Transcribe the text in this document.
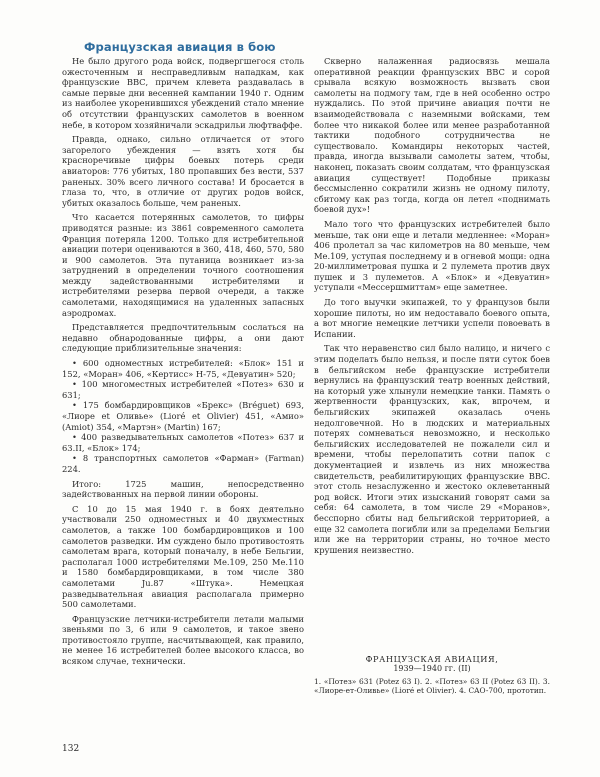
Французская авиация в бою

Не было другого рода войск, подвергшегося столь ожесточенным и несправедливым нападкам, как французские ВВС, причем клевета раздавалась в самые первые дни весенней кампании 1940 г. Одним из наиболее укоренившихся убеждений стало мнение об отсутствии французских самолетов в военном небе, в котором хозяйничали эскадрильи люфтваффе.

Правда, однако, сильно отличается от этого загорелого убеждения — взять хотя бы красноречивые цифры боевых потерь среди авиаторов: 776 убитых, 180 пропавших без вести, 537 раненых. 30% всего личного состава! И бросается в глаза то, что, в отличие от других родов войск, убитых оказалось больше, чем раненых.

Что касается потерянных самолетов, то цифры приводятся разные: из 3861 современного самолета Франция потеряла 1200. Только для истребительной авиации потери оцениваются в 360, 418, 460, 570, 580 и 900 самолетов. Эта путаница возникает из-за затруднений в определении точного соотношения между задействованными истребителями и истребителями резерва первой очереди, а также самолетами, находящимися на удаленных запасных аэродромах.

Представляется предпочтительным сослаться на недавно обнародованные цифры, а они дают следующие приблизительные значения:

• 600 одноместных истребителей: «Блок» 151 и 152, «Моран» 406, «Кертисс» Н-75, «Девуатин» 520;
• 100 многоместных истребителей «Потез» 630 и 631;
• 175 бомбардировщиков «Брекс» (Bréguet) 693, «Лиоре et Оливье» (Lioré et Olivier) 451, «Амио» (Amiot) 354, «Мартэн» (Martin) 167;
• 400 разведывательных самолетов «Потез» 637 и 63.II, «Блок» 174;
• 8 транспортных самолетов «Фарман» (Farman) 224.

Итого: 1725 машин, непосредственно задействованных на первой линии обороны.

С 10 до 15 мая 1940 г. в боях деятельно участвовали 250 одноместных и 40 двухместных самолетов, а также 100 бомбардировщиков и 100 самолетов разведки. Им суждено было противостоять самолетам врага, который поначалу, в небе Бельгии, располагал 1000 истребителями Ме.109, 250 Ме.110 и 1580 бомбардировщиками, в том числе 380 самолетами Ju.87 «Штука». Немецкая разведывательная авиация располагала примерно 500 самолетами.

Французские летчики-истребители летали малыми звеньями по 3, 6 или 9 самолетов, и такое звено противостояло группе, насчитывающей, как правило, не менее 16 истребителей более высокого класса, во всяком случае, технически.

Скверно налаженная радиосвязь мешала оперативной реакции французских ВВС и сорой срывала всякую возможность вызвать свои самолеты на подмогу там, где в ней особенно остро нуждались. По этой причине авиация почти не взаимодействовала с наземными войсками, тем более что никакой более или менее разработанной тактики подобного сотрудничества не существовало. Командиры некоторых частей, правда, иногда вызывали самолеты затем, чтобы, наконец, показать своим солдатам, что французская авиация существует! Подобные приказы бессмысленно сократили жизнь не одному пилоту, сбитому как раз тогда, когда он летел «поднимать боевой дух»!

Мало того что французских истребителей было меньше, так они еще и летали медленнее: «Моран» 406 пролетал за час километров на 80 меньше, чем Ме.109, уступая последнему и в огневой мощи: одна 20-миллиметровая пушка и 2 пулемета против двух пушек и 3 пулеметов. А «Блок» и «Девуатин» уступали «Мессершмиттам» еще заметнее.

До того выучки экипажей, то у французов были хорошие пилоты, но им недоставало боевого опыта, а вот многие немецкие летчики успели повоевать в Испании.

Так что неравенство сил было налицо, и ничего с этим поделать было нельзя, и после пяти суток боев в бельгийском небе французские истребители вернулись на французский театр военных действий, на который уже хлынули немецкие танки. Память о жертвенности французских, как, впрочем, и бельгийских экипажей оказалась очень недолговечной. Но в людских и материальных потерях сомневаться невозможно, и несколько бельгийских исследователей не пожалели сил и времени, чтобы перелопатить сотни папок с документацией и извлечь из них множества свидетельств, реабилитирующих французские ВВС. этот столь незаслуженно и жестоко оклеветанный род войск. Итоги этих изысканий говорят сами за себя: 64 самолета, в том числе 29 «Моранов», бесспорно сбиты над бельгийской территорией, а еще 32 самолета погибли или за пределами Бельгии или же на территории страны, но точное место крушения неизвестно.

ФРАНЦУЗСКАЯ АВИАЦИЯ,
1939—1940 гг. (II)
1. «Потез» 631 (Potez 63 I). 2. «Потез» 63 II (Potez 63 II). 3. «Лиоре-ет-Оливье» (Lioré et Olivier). 4. CAO-700, прототип.
132
